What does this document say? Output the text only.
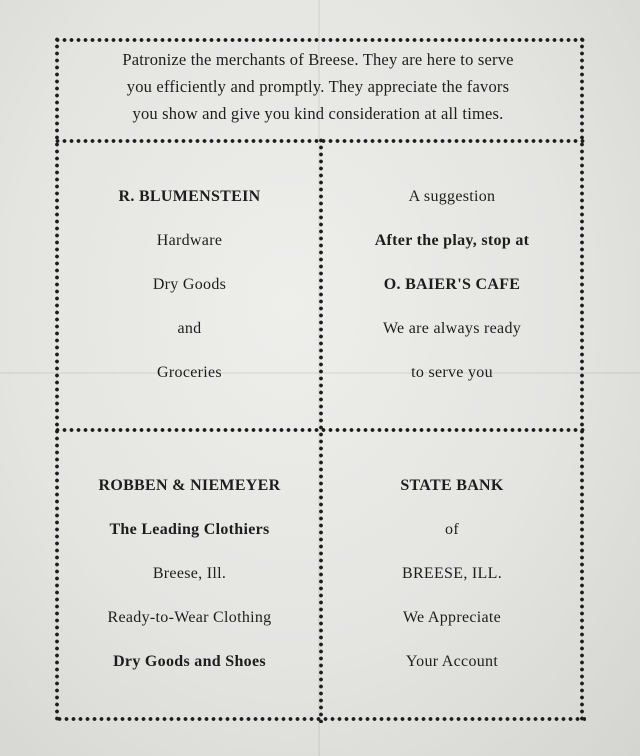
Patronize the merchants of Breese. They are here to serve
you efficiently and promptly. They appreciate the favors
you show and give you kind consideration at all times.
R. BLUMENSTEIN
Hardware
Dry Goods
and
Groceries
A suggestion
After the play, stop at
O. BAIER'S CAFE
We are always ready
to serve you
ROBBEN & NIEMEYER
The Leading Clothiers
Breese, Ill.
Ready-to-Wear Clothing
Dry Goods and Shoes
STATE BANK
of
BREESE, ILL.
We Appreciate
Your Account
